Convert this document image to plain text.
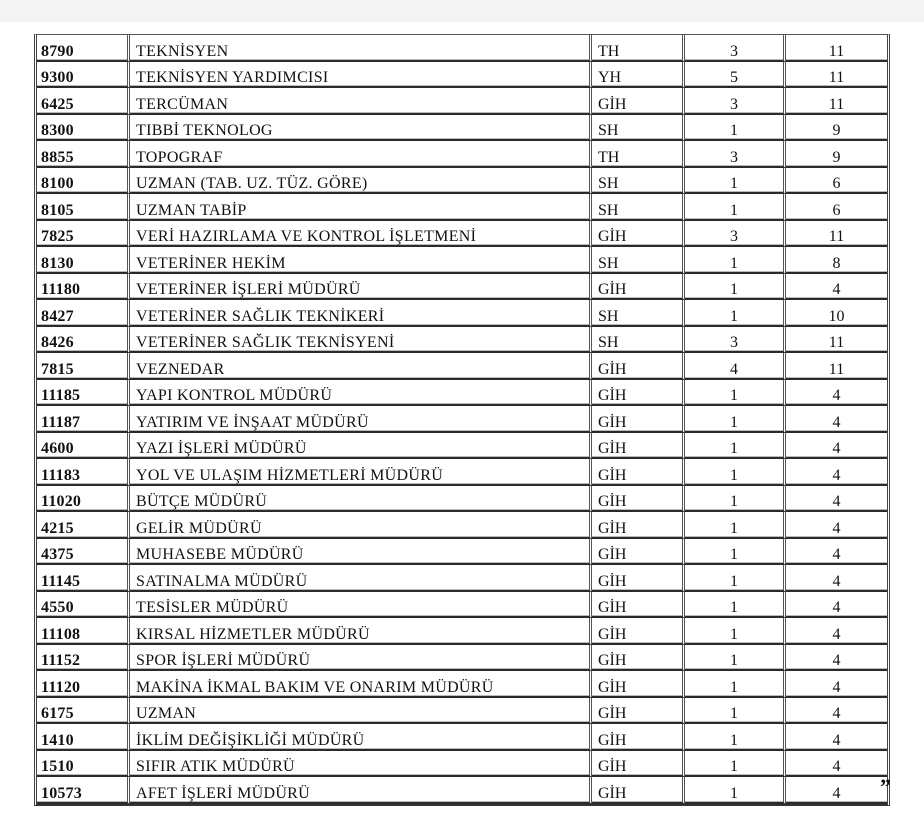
8790	TEKNİSYEN	TH	3	11
9300	TEKNİSYEN YARDIMCISI	YH	5	11
6425	TERCÜMAN	GİH	3	11
8300	TIBBİ TEKNOLOG	SH	1	9
8855	TOPOGRAF	TH	3	9
8100	UZMAN (TAB. UZ. TÜZ. GÖRE)	SH	1	6
8105	UZMAN TABİP	SH	1	6
7825	VERİ HAZIRLAMA VE KONTROL İŞLETMENİ	GİH	3	11
8130	VETERİNER HEKİM	SH	1	8
11180	VETERİNER İŞLERİ MÜDÜRÜ	GİH	1	4
8427	VETERİNER SAĞLIK TEKNİKERİ	SH	1	10
8426	VETERİNER SAĞLIK TEKNİSYENİ	SH	3	11
7815	VEZNEDAR	GİH	4	11
11185	YAPI KONTROL MÜDÜRÜ	GİH	1	4
11187	YATIRIM VE İNŞAAT MÜDÜRÜ	GİH	1	4
4600	YAZI İŞLERİ MÜDÜRÜ	GİH	1	4
11183	YOL VE ULAŞIM HİZMETLERİ MÜDÜRÜ	GİH	1	4
11020	BÜTÇE MÜDÜRÜ	GİH	1	4
4215	GELİR MÜDÜRÜ	GİH	1	4
4375	MUHASEBE MÜDÜRÜ	GİH	1	4
11145	SATINALMA MÜDÜRÜ	GİH	1	4
4550	TESİSLER MÜDÜRÜ	GİH	1	4
11108	KIRSAL HİZMETLER MÜDÜRÜ	GİH	1	4
11152	SPOR İŞLERİ MÜDÜRÜ	GİH	1	4
11120	MAKİNA İKMAL BAKIM VE ONARIM MÜDÜRÜ	GİH	1	4
6175	UZMAN	GİH	1	4
1410	İKLİM DEĞİŞİKLİĞİ MÜDÜRÜ	GİH	1	4
1510	SIFIR ATIK MÜDÜRÜ	GİH	1	4
10573	AFET İŞLERİ MÜDÜRÜ	GİH	1	4 ”
